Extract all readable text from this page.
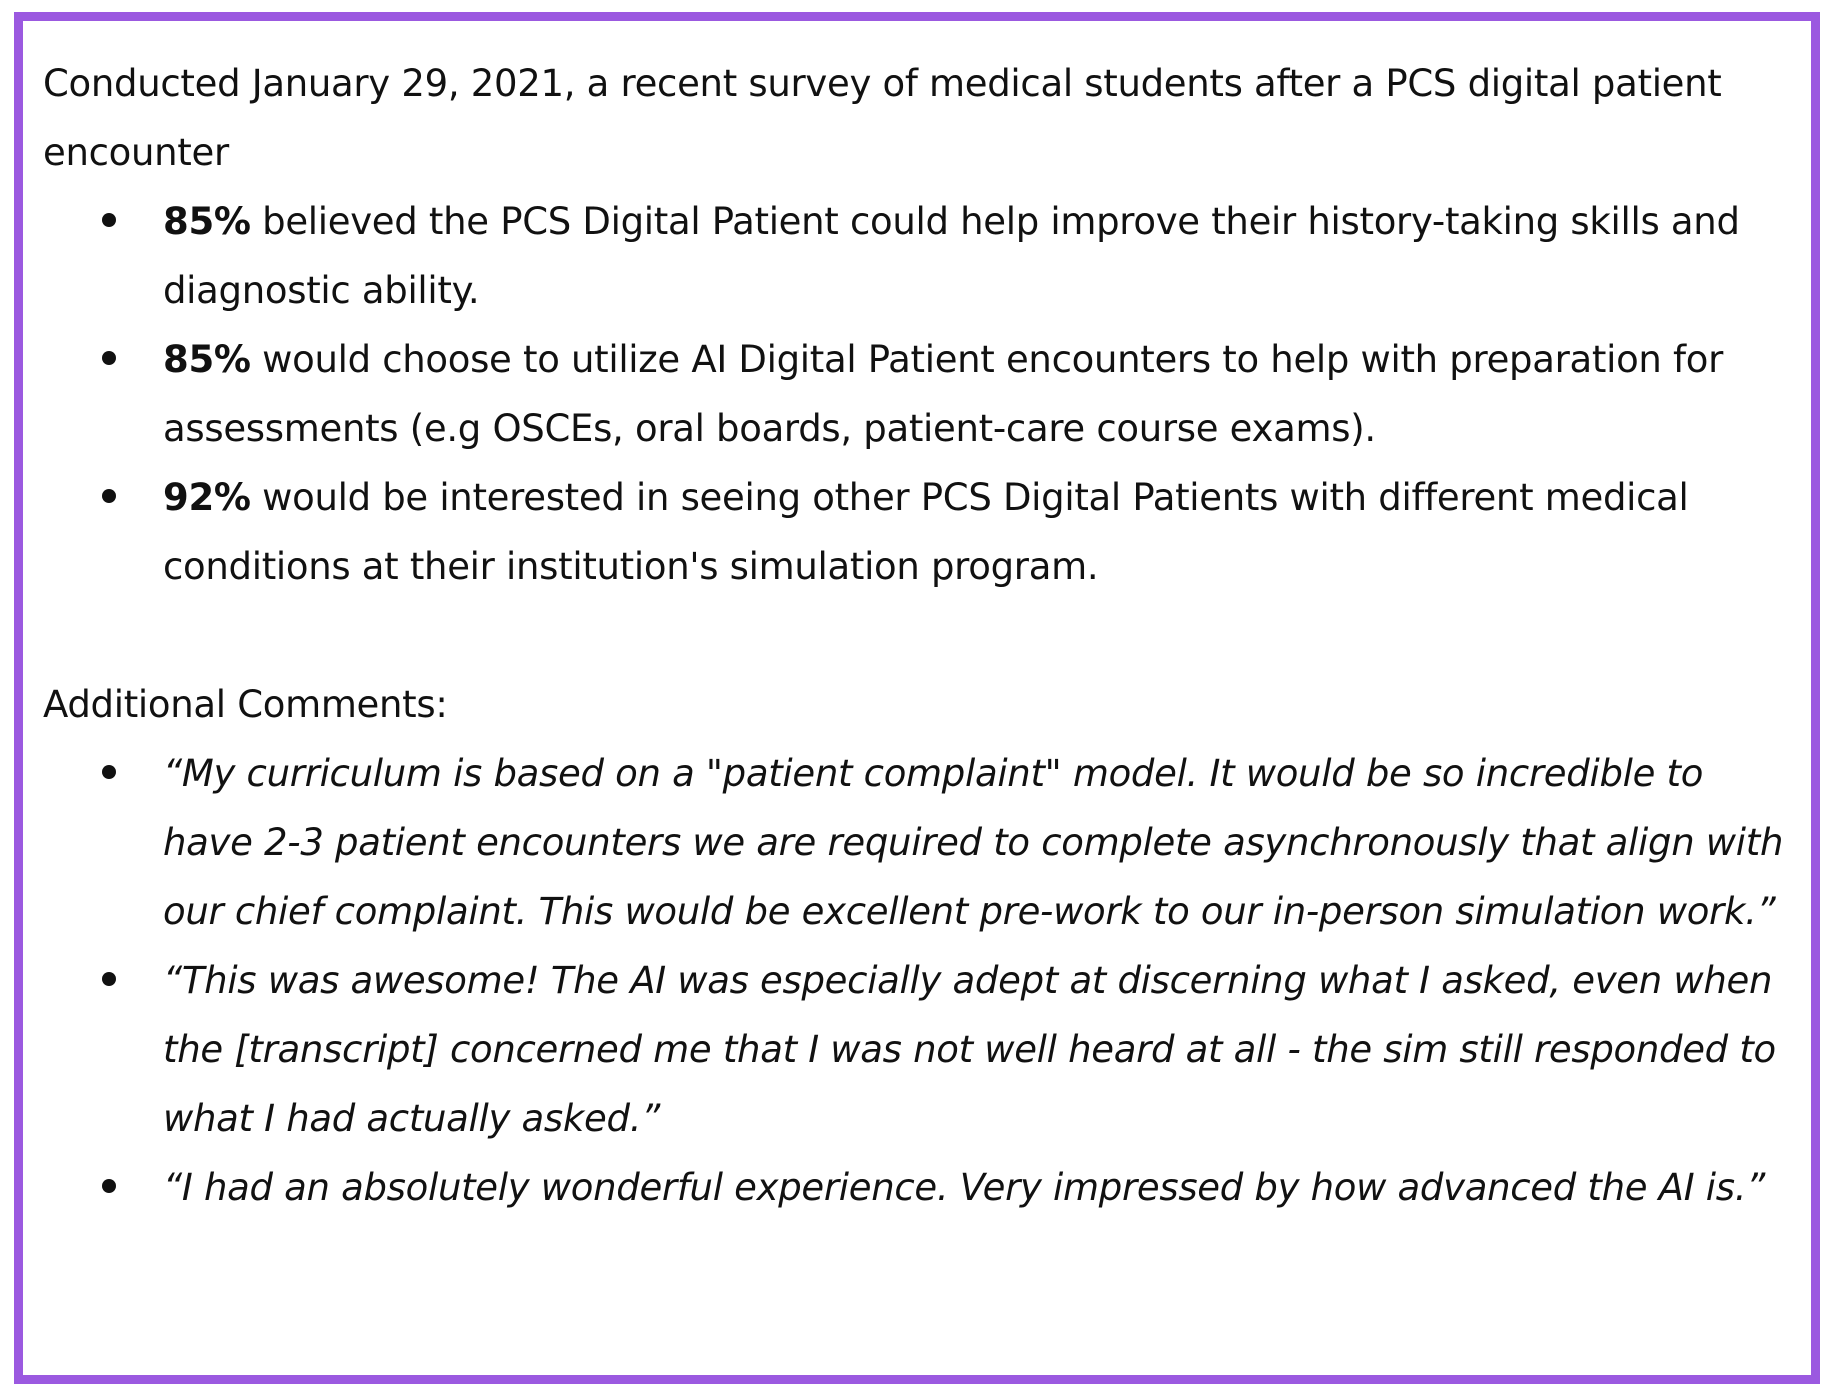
Conducted January 29, 2021, a recent survey of medical students after a PCS digital patient encounter

85% believed the PCS Digital Patient could help improve their history-taking skills and diagnostic ability.
85% would choose to utilize AI Digital Patient encounters to help with preparation for assessments (e.g OSCEs, oral boards, patient-care course exams).
92% would be interested in seeing other PCS Digital Patients with different medical conditions at their institution's simulation program.

Additional Comments:

“My curriculum is based on a "patient complaint" model. It would be so incredible to have 2-3 patient encounters we are required to complete asynchronously that align with our chief complaint. This would be excellent pre-work to our in-person simulation work.”
“This was awesome! The AI was especially adept at discerning what I asked, even when the [transcript] concerned me that I was not well heard at all - the sim still responded to what I had actually asked.”
“I had an absolutely wonderful experience. Very impressed by how advanced the AI is.”
